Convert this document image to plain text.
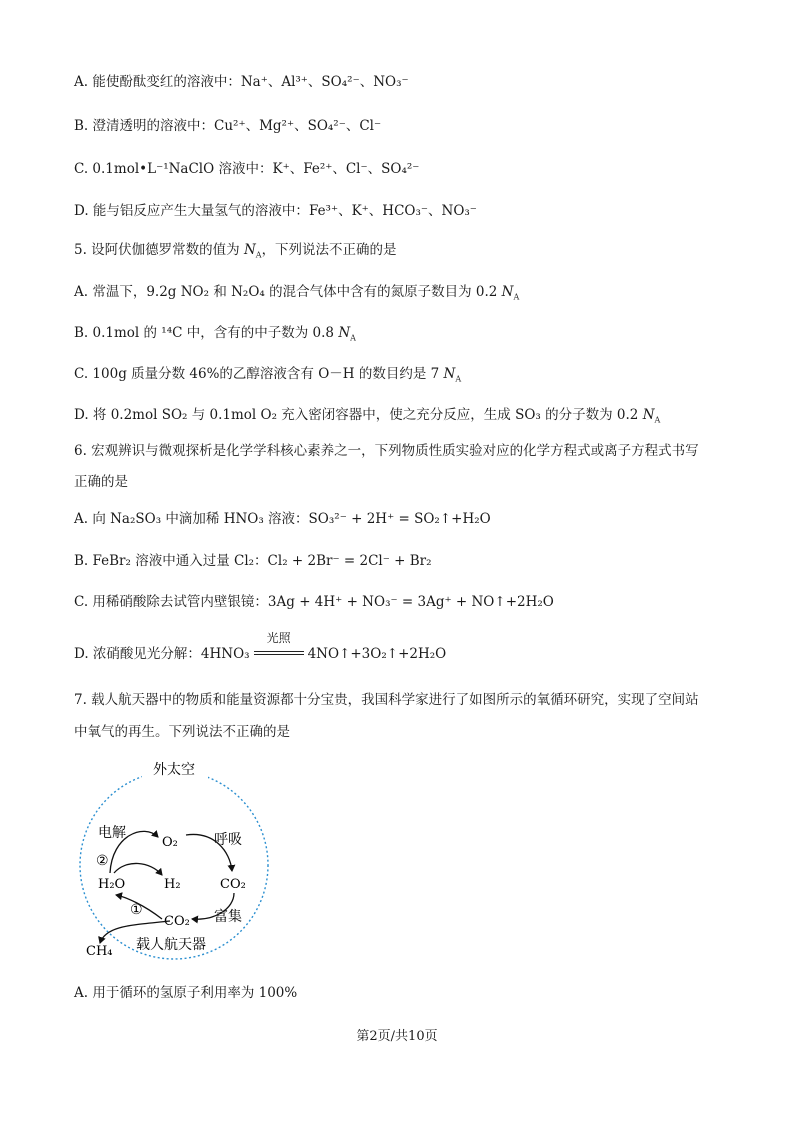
A. 能使酚酞变红的溶液中：Na⁺、Al³⁺、SO₄²⁻、NO₃⁻
B. 澄清透明的溶液中：Cu²⁺、Mg²⁺、SO₄²⁻、Cl⁻
C. 0.1mol•L⁻¹NaClO 溶液中：K⁺、Fe²⁺、Cl⁻、SO₄²⁻
D. 能与铝反应产生大量氢气的溶液中：Fe³⁺、K⁺、HCO₃⁻、NO₃⁻
5. 设阿伏伽德罗常数的值为 $N_A$，下列说法不正确的是
A. 常温下，9.2g NO₂ 和 N₂O₄ 的混合气体中含有的氮原子数目为 0.2 $N_A$
B. 0.1mol 的 ¹⁴C 中，含有的中子数为 0.8 $N_A$
C. 100g 质量分数 46%的乙醇溶液含有 O－H 的数目约是 7 $N_A$
D. 将 0.2mol SO₂ 与 0.1mol O₂ 充入密闭容器中，使之充分反应，生成 SO₃ 的分子数为 0.2 $N_A$
6. 宏观辨识与微观探析是化学学科核心素养之一，下列物质性质实验对应的化学方程式或离子方程式书写
正确的是
A. 向 Na₂SO₃ 中滴加稀 HNO₃ 溶液：SO₃²⁻ + 2H⁺ = SO₂↑+H₂O
B. FeBr₂ 溶液中通入过量 Cl₂：Cl₂ + 2Br⁻ = 2Cl⁻ + Br₂
C. 用稀硝酸除去试管内壁银镜：3Ag + 4H⁺ + NO₃⁻ = 3Ag⁺ + NO↑+2H₂O
D. 浓硝酸见光分解：4HNO₃
光照
4NO↑+3O₂↑+2H₂O
7. 载人航天器中的物质和能量资源都十分宝贵，我国科学家进行了如图所示的氧循环研究，实现了空间站
中氧气的再生。下列说法不正确的是
外太空
电解	呼吸
②
O₂
H₂O	H₂	CO₂
①
CO₂ 富集
载人航天器
CH₄
A. 用于循环的氢原子利用率为 100%
第2页/共10页
